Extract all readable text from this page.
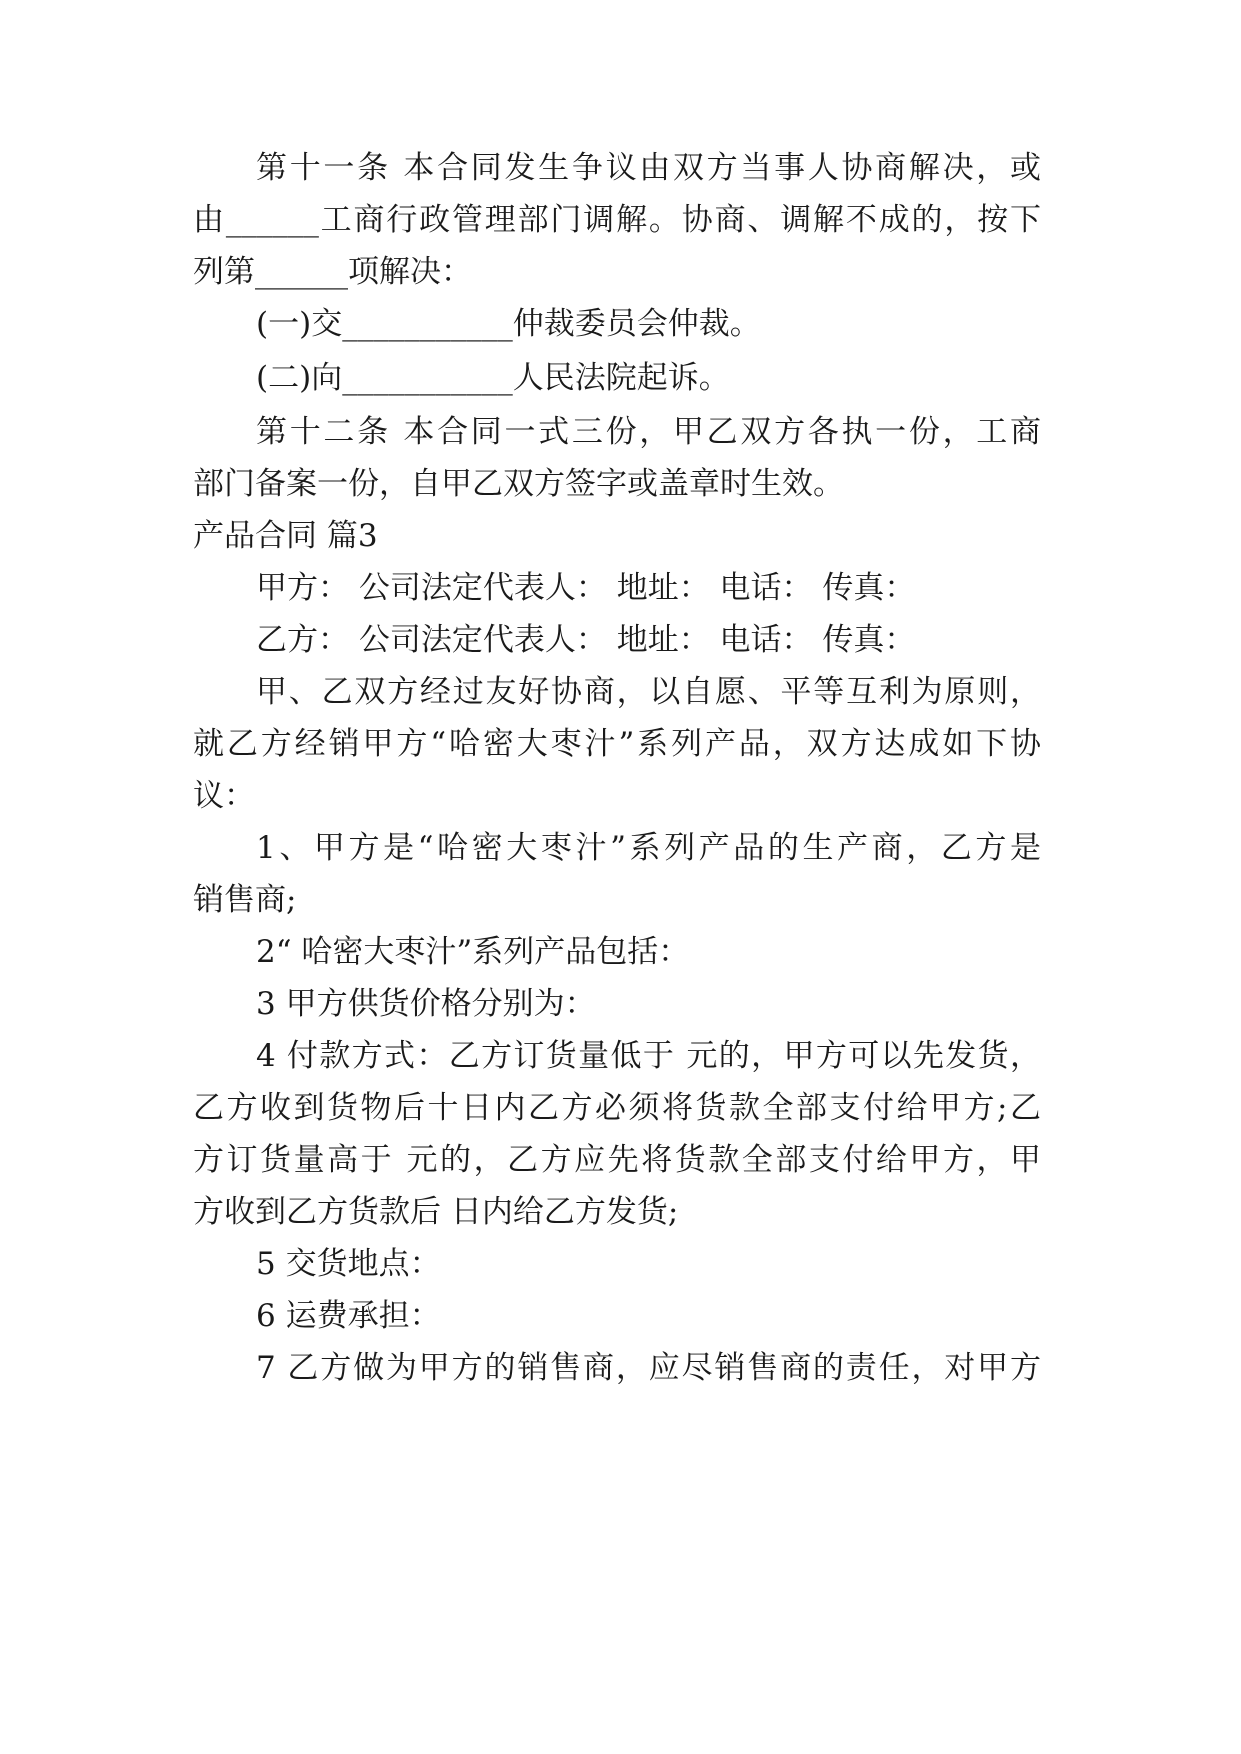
第十一条 本合同发生争议由双方当事人协商解决，或

由______工商行政管理部门调解。协商、调解不成的，按下

列第______项解决：

(一)交___________仲裁委员会仲裁。

(二)向___________人民法院起诉。

第十二条 本合同一式三份，甲乙双方各执一份，工商

部门备案一份，自甲乙双方签字或盖章时生效。

产品合同 篇3

甲方： 公司法定代表人： 地址： 电话： 传真：

乙方： 公司法定代表人： 地址： 电话： 传真：

甲、乙双方经过友好协商，以自愿、平等互利为原则，

就乙方经销甲方“哈密大枣汁”系列产品，双方达成如下协

议：

1、甲方是“哈密大枣汁”系列产品的生产商，乙方是

销售商;

2“ 哈密大枣汁”系列产品包括：

3 甲方供货价格分别为：

4 付款方式：乙方订货量低于 元的，甲方可以先发货，

乙方收到货物后十日内乙方必须将货款全部支付给甲方;乙

方订货量高于 元的，乙方应先将货款全部支付给甲方，甲

方收到乙方货款后 日内给乙方发货;

5 交货地点：

6 运费承担：

7 乙方做为甲方的销售商，应尽销售商的责任，对甲方
